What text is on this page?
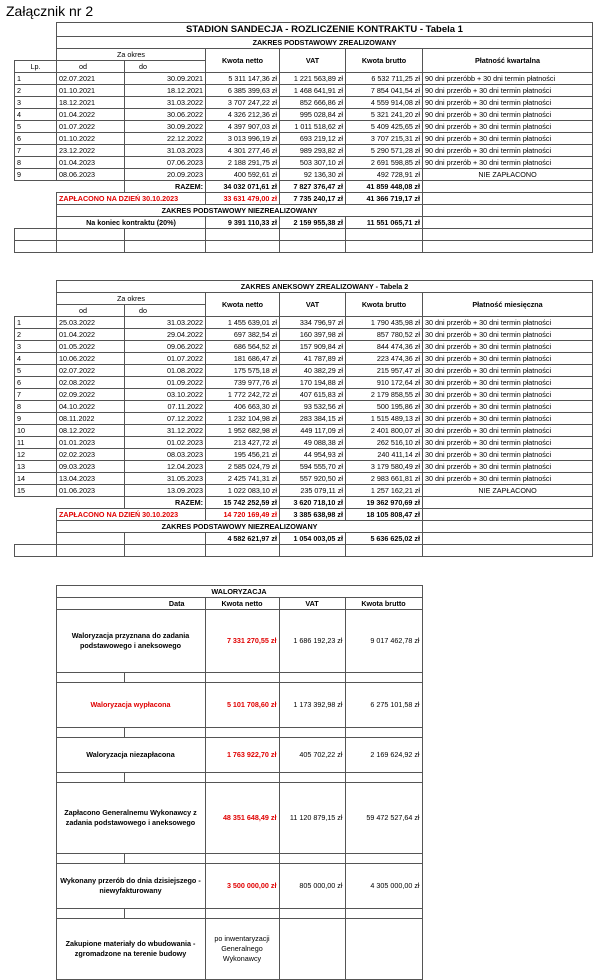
Załącznik nr 2
	STADION SANDECJA - ROZLICZENIE KONTRAKTU - Tabela 1					
	ZAKRES PODSTAWOWY ZREALIZOWANY					
	Za okres		Kwota netto	VAT	Kwota brutto	Płatność kwartalna
Lp.	od	do				
1	02.07.2021	30.09.2021	5 311 147,36 zł	1 221 563,89 zł	6 532 711,25 zł	90 dni przeróbb + 30 dni termin płatności
2	01.10.2021	18.12.2021	6 385 399,63 zł	1 468 641,91 zł	7 854 041,54 zł	90 dni przerób + 30 dni termin płatności
3	18.12.2021	31.03.2022	3 707 247,22 zł	852 666,86 zł	4 559 914,08 zł	90 dni przerób + 30 dni termin płatności
4	01.04.2022	30.06.2022	4 326 212,36 zł	995 028,84 zł	5 321 241,20 zł	90 dni przerób + 30 dni termin płatności
5	01.07.2022	30.09.2022	4 397 907,03 zł	1 011 518,62 zł	5 409 425,65 zł	90 dni przerób + 30 dni termin płatności
6	01.10.2022	22.12.2022	3 013 996,19 zł	693 219,12 zł	3 707 215,31 zł	90 dni przerób + 30 dni termin płatności
7	23.12.2022	31.03.2023	4 301 277,46 zł	989 293,82 zł	5 290 571,28 zł	90 dni przerób + 30 dni termin płatności
8	01.04.2023	07.06.2023	2 188 291,75 zł	503 307,10 zł	2 691 598,85 zł	90 dni przerób + 30 dni termin płatności
9	08.06.2023	20.09.2023	400 592,61 zł	92 136,30 zł	492 728,91 zł	NIE ZAPŁACONO
		RAZEM:	34 032 071,61 zł	7 827 376,47 zł	41 859 448,08 zł	
	ZAPŁACONO NA DZIEŃ 30.10.2023		33 631 479,00 zł	7 735 240,17 zł	41 366 719,17 zł	
	ZAKRES PODSTAWOWY NIEZREALIZOWANY					
	Na koniec kontraktu (20%)		9 391 110,33 zł	2 159 955,38 zł	11 551 065,71 zł	

	ZAKRES ANEKSOWY ZREALIZOWANY - Tabela 2					
	Za okres		Kwota netto	VAT	Kwota brutto	Płatność miesięczna
	od	do				
1	25.03.2022	31.03.2022	1 455 639,01 zł	334 796,97 zł	1 790 435,98 zł	30 dni przerób + 30 dni termin płatności
2	01.04.2022	29.04.2022	697 382,54 zł	160 397,98 zł	857 780,52 zł	30 dni przerób + 30 dni termin płatności
3	01.05.2022	09.06.2022	686 564,52 zł	157 909,84 zł	844 474,36 zł	30 dni przerób + 30 dni termin płatności
4	10.06.2022	01.07.2022	181 686,47 zł	41 787,89 zł	223 474,36 zł	30 dni przerób + 30 dni termin płatności
5	02.07.2022	01.08.2022	175 575,18 zł	40 382,29 zł	215 957,47 zł	30 dni przerób + 30 dni termin płatności
6	02.08.2022	01.09.2022	739 977,76 zł	170 194,88 zł	910 172,64 zł	30 dni przerób + 30 dni termin płatności
7	02.09.2022	03.10.2022	1 772 242,72 zł	407 615,83 zł	2 179 858,55 zł	30 dni przerób + 30 dni termin płatności
8	04.10.2022	07.11.2022	406 663,30 zł	93 532,56 zł	500 195,86 zł	30 dni przerób + 30 dni termin płatności
9	08.11.2022	07.12.2022	1 232 104,98 zł	283 384,15 zł	1 515 489,13 zł	30 dni przerób + 30 dni termin płatności
10	08.12.2022	31.12.2022	1 952 682,98 zł	449 117,09 zł	2 401 800,07 zł	30 dni przerób + 30 dni termin płatności
11	01.01.2023	01.02.2023	213 427,72 zł	49 088,38 zł	262 516,10 zł	30 dni przerób + 30 dni termin płatności
12	02.02.2023	08.03.2023	195 456,21 zł	44 954,93 zł	240 411,14 zł	30 dni przerób + 30 dni termin płatności
13	09.03.2023	12.04.2023	2 585 024,79 zł	594 555,70 zł	3 179 580,49 zł	30 dni przerób + 30 dni termin płatności
14	13.04.2023	31.05.2023	2 425 741,31 zł	557 920,50 zł	2 983 661,81 zł	30 dni przerób + 30 dni termin płatności
15	01.06.2023	13.09.2023	1 022 083,10 zł	235 079,11 zł	1 257 162,21 zł	NIE ZAPŁACONO
		RAZEM:	15 742 252,59 zł	3 620 718,10 zł	19 362 970,69 zł	
	ZAPŁACONO NA DZIEŃ 30.10.2023		14 720 169,49 zł	3 385 638,98 zł	18 105 808,47 zł	
	ZAKRES PODSTAWOWY NIEZREALIZOWANY					
			4 582 621,97 zł	1 054 003,05 zł	5 636 625,02 zł	

	WALORYZACJA					
	Data		Kwota netto	VAT	Kwota brutto	
	Waloryzacja przyznana do zadania podstawowego i aneksowego		7 331 270,55 zł	1 686 192,23 zł	9 017 462,78 zł	

	Waloryzacja wypłacona		5 101 708,60 zł	1 173 392,98 zł	6 275 101,58 zł	

	Waloryzacja niezapłacona		1 763 922,70 zł	405 702,22 zł	2 169 624,92 zł	

	Zapłacono Generalnemu Wykonawcy z zadania podstawowego i aneksowego		48 351 648,49 zł	11 120 879,15 zł	59 472 527,64 zł	

	Wykonany przerób do dnia dzisiejszego - niewyfakturowany		3 500 000,00 zł	805 000,00 zł	4 305 000,00 zł	

	Zakupione materiały do wbudowania - zgromadzone na terenie budowy		po inwentaryzacji Generalnego Wykonawcy			
